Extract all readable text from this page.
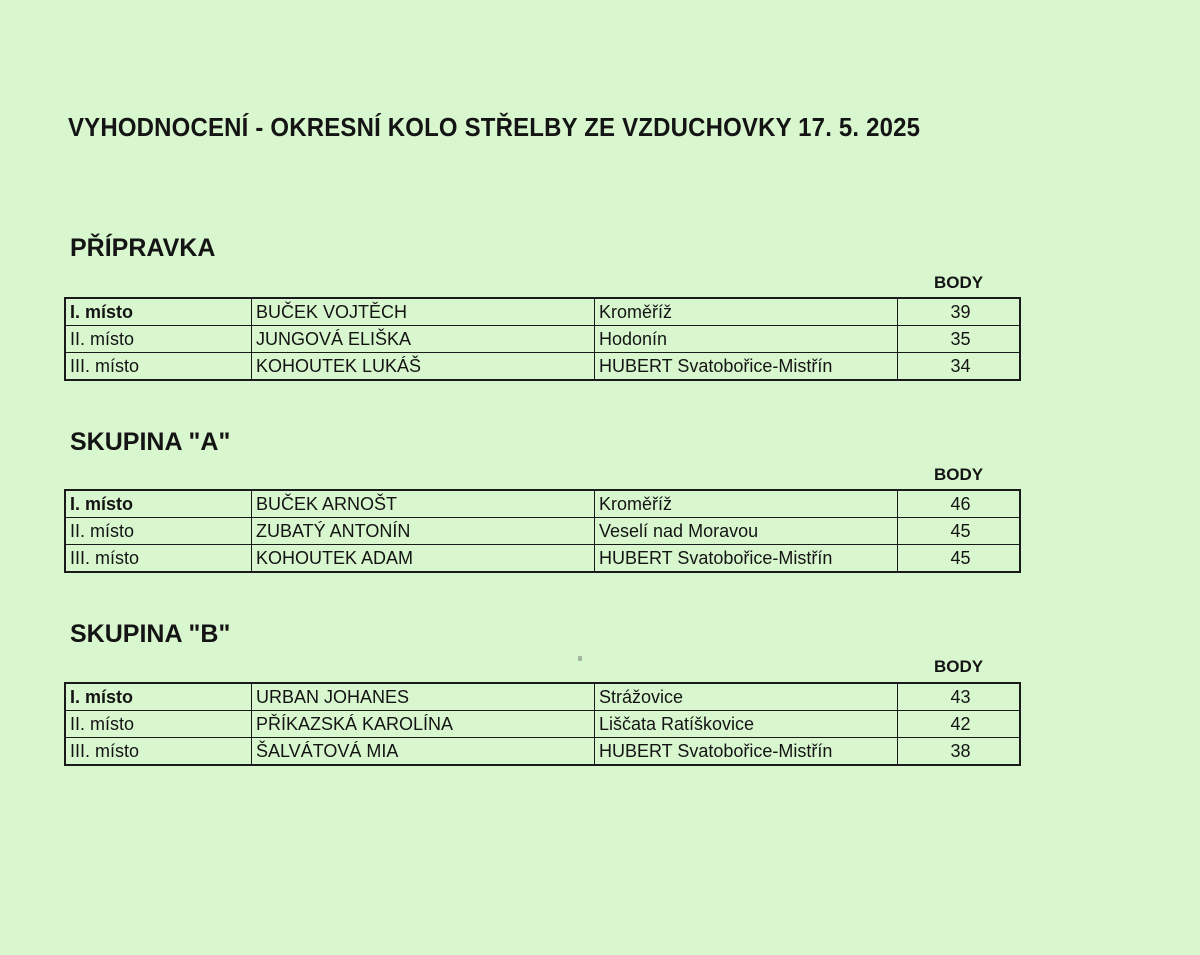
VYHODNOCENÍ - OKRESNÍ KOLO STŘELBY ZE VZDUCHOVKY 17. 5. 2025
PŘÍPRAVKA
BODY
I. místo	BUČEK VOJTĚCH	Kroměříž	39
II. místo	JUNGOVÁ ELIŠKA	Hodonín	35
III. místo	KOHOUTEK LUKÁŠ	HUBERT Svatobořice-Mistřín	34
SKUPINA "A"
BODY
I. místo	BUČEK ARNOŠT	Kroměříž	46
II. místo	ZUBATÝ ANTONÍN	Veselí nad Moravou	45
III. místo	KOHOUTEK ADAM	HUBERT Svatobořice-Mistřín	45
SKUPINA "B"
BODY
I. místo	URBAN JOHANES	Strážovice	43
II. místo	PŘÍKAZSKÁ KAROLÍNA	Liščata Ratíškovice	42
III. místo	ŠALVÁTOVÁ MIA	HUBERT Svatobořice-Mistřín	38
